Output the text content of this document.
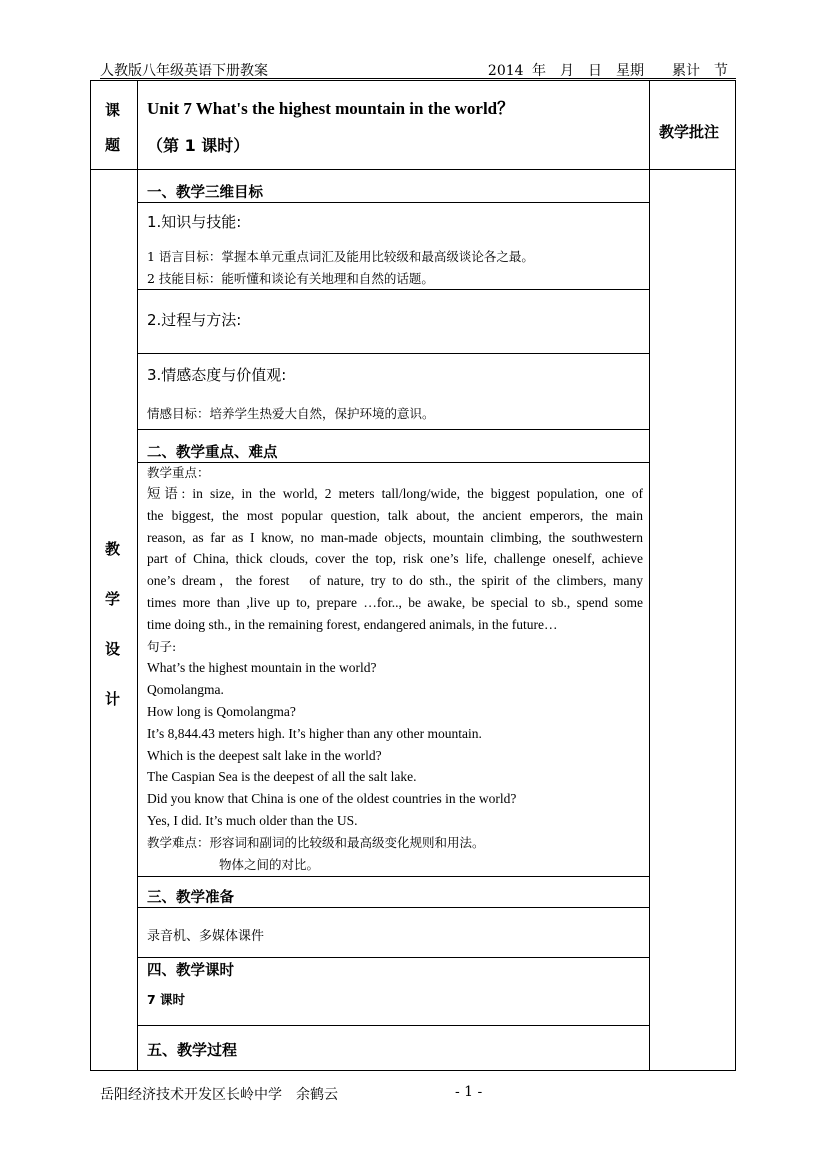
人教版八年级英语下册教案	2014 年　月　日　星期　　累计　节
课
题
Unit 7 What's the highest mountain in the world？
（第 1 课时）
教学批注
教
学
设
计
一、教学三维目标
1.知识与技能:
1 语言目标：掌握本单元重点词汇及能用比较级和最高级谈论各之最。
2 技能目标：能听懂和谈论有关地理和自然的话题。
2.过程与方法:
3.情感态度与价值观:
情感目标：培养学生热爱大自然，保护环境的意识。
二、教学重点、难点
教学重点：
短语: in size, in the world, 2 meters tall/long/wide, the biggest population, one of
the biggest, the most popular question, talk about, the ancient emperors, the main
reason, as far as I know, no man-made objects, mountain climbing, the southwestern
part of China, thick clouds, cover the top, risk one’s life, challenge oneself, achieve
one’s dream，the forest　of nature, try to do sth., the spirit of the climbers, many
times more than ,live up to, prepare …for.., be awake, be special to sb., spend some
time doing sth., in the remaining forest, endangered animals, in the future…
句子:
What’s the highest mountain in the world?
Qomolangma.
How long is Qomolangma?
It’s 8,844.43 meters high. It’s higher than any other mountain.
Which is the deepest salt lake in the world?
The Caspian Sea is the deepest of all the salt lake.
Did you know that China is one of the oldest countries in the world?
Yes, I did. It’s much older than the US.
教学难点：形容词和副词的比较级和最高级变化规则和用法。
物体之间的对比。
三、教学准备
录音机、多媒体课件
四、教学课时
7 课时
五、教学过程
岳阳经济技术开发区长岭中学　余鹤云	- 1 -
